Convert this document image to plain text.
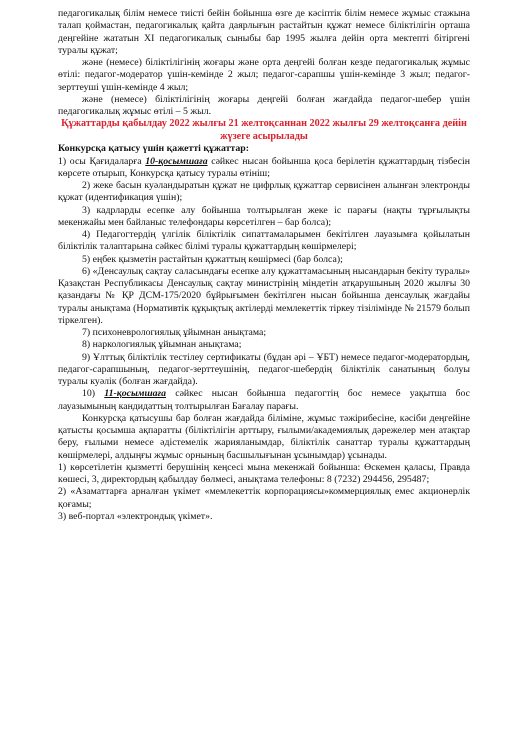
педагогикалық білім немесе тиісті бейін бойынша өзге де кәсіптік білім немесе жұмыс стажына талап қоймастан, педагогикалық қайта даярлығын растайтын құжат немесе біліктілігін орташа деңгейіне жататын XI педагогикалық сыныбы бар 1995 жылға дейін орта мектепті бітіргені туралы құжат;

және (немесе) біліктілігінің жоғары және орта деңгейі болған кезде педагогикалық жұмыс өтілі: педагог-модератор үшін-кемінде 2 жыл; педагог-сарапшы үшін-кемінде 3 жыл; педагог-зерттеуші үшін-кемінде 4 жыл;

және (немесе) біліктілігінің жоғары деңгейі болған жағдайда педагог-шебер үшін педагогикалық жұмыс өтілі – 5 жыл.

Құжаттарды қабылдау 2022 жылғы 21 желтоқсаннан 2022 жылғы 29 желтоқсанға дейін жүзеге асырылады

Конкурсқа қатысу үшін қажетті құжаттар:

1) осы Қағидаларға 10-қосымшаға сәйкес нысан бойынша қоса берілетін құжаттардың тізбесін көрсете отырып, Конкурсқа қатысу туралы өтініш;

2) жеке басын куәландыратын құжат не цифрлық құжаттар сервисінен алынған электронды құжат (идентификация үшін);

3) кадрларды есепке алу бойынша толтырылған жеке іс парағы (нақты тұрғылықты мекенжайы мен байланыс телефондары көрсетілген – бар болса);

4) Педагогтердің үлгілік біліктілік сипаттамаларымен бекітілген лауазымға қойылатын біліктілік талаптарына сәйкес білімі туралы құжаттардың көшірмелері;

5) еңбек қызметін растайтын құжаттың көшірмесі (бар болса);

6) «Денсаулық сақтау саласындағы есепке алу құжаттамасының нысандарын бекіту туралы» Қазақстан Республикасы Денсаулық сақтау министрінің міндетін атқарушының 2020 жылғы 30 қазандағы № ҚР ДСМ-175/2020 бұйрығымен бекітілген нысан бойынша денсаулық жағдайы туралы анықтама (Нормативтік құқықтық актілерді мемлекеттік тіркеу тізілімінде № 21579 болып тіркелген).

7) психоневрологиялық ұйымнан анықтама;

8) наркологиялық ұйымнан анықтама;

9) Ұлттық біліктілік тестілеу сертификаты (бұдан әрі – ҰБТ) немесе педагог-модератордың, педагог-сарапшының, педагог-зерттеушінің, педагог-шебердің біліктілік санатының болуы туралы куәлік (болған жағдайда).

10) 11-қосымшаға сәйкес нысан бойынша педагогтің бос немесе уақытша бос лауазымының кандидаттың толтырылған Бағалау парағы.

Конкурсқа қатысушы бар болған жағдайда біліміне, жұмыс тәжірибесіне, кәсіби деңгейіне қатысты қосымша ақпаратты (біліктілігін арттыру, ғылыми/академиялық дәрежелер мен атақтар беру, ғылыми немесе әдістемелік жарияланымдар, біліктілік санаттар туралы құжаттардың көшірмелері, алдыңғы жұмыс орнының басшылығынан ұсынымдар) ұсынады.

1) көрсетілетін қызметті берушінің кеңсесі мына мекенжай бойынша: Өскемен қаласы, Правда көшесі, 3, директордың қабылдау бөлмесі, анықтама телефоны: 8 (7232) 294456, 295487;

2) «Азаматтарға арналған үкімет «мемлекеттік корпорациясы»коммерциялық емес акционерлік қоғамы;

3) веб-портал «электрондық үкімет».
